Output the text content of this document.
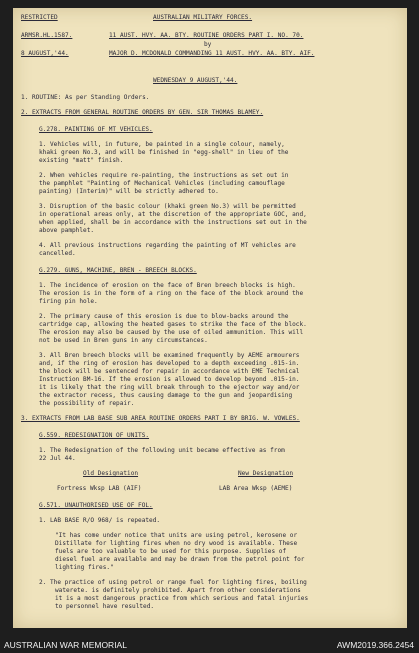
RESTRICTED
ARMSR.HL.1587.
8 AUGUST,'44.
AUSTRALIAN MILITARY FORCES.
11 AUST. HVY. AA. BTY. ROUTINE ORDERS PART I. NO. 70.
by
MAJOR D. MCDONALD COMMANDING 11 AUST. HVY. AA. BTY. AIF.
WEDNESDAY 9 AUGUST,'44.
1. ROUTINE: As per Standing Orders.
2. EXTRACTS FROM GENERAL ROUTINE ORDERS BY GEN. SIR THOMAS BLAMEY.
G.278. PAINTING OF MT VEHICLES.
1. Vehicles will, in future, be painted in a single colour, namely,
khaki green No.3, and will be finished in "egg-shell" in lieu of the
existing "matt" finish.
2. When vehicles require re-painting, the instructions as set out in
the pamphlet "Painting of Mechanical Vehicles (including camouflage
painting) (Interim)" will be strictly adhered to.
3. Disruption of the basic colour (khaki green No.3) will be permitted
in operational areas only, at the discretion of the appropriate GOC, and,
when applied, shall be in accordance with the instructions set out in the
above pamphlet.
4. All previous instructions regarding the painting of MT vehicles are
cancelled.
G.279. GUNS, MACHINE, BREN - BREECH BLOCKS.
1. The incidence of erosion on the face of Bren breech blocks is high.
The erosion is in the form of a ring on the face of the block around the
firing pin hole.
2. The primary cause of this erosion is due to blow-backs around the
cartridge cap, allowing the heated gases to strike the face of the block.
The erosion may also be caused by the use of oiled ammunition. This will
not be used in Bren guns in any circumstances.
3. All Bren breech blocks will be examined frequently by AEME armourers
and, if the ring of erosion has developed to a depth exceeding .015-in.
the block will be sentenced for repair in accordance with EME Technical
Instruction BM-16. If the erosion is allowed to develop beyond .015-in.
it is likely that the ring will break through to the ejector way and/or
the extractor recess, thus causing damage to the gun and jeopardising
the possibility of repair.
3. EXTRACTS FROM LAB BASE SUB AREA ROUTINE ORDERS PART I BY BRIG. W. VOWLES.
G.559. REDESIGNATION OF UNITS.
1. The Redesignation of the following unit became effective as from
22 Jul 44.
Old Designation	New Designation
Fortress Wksp LAB (AIF)	LAB Area Wksp (AEME)
G.571. UNAUTHORISED USE OF FOL.
1. LAB BASE R/O 968/ is repeated.
"It has come under notice that units are using petrol, kerosene or
Distillate for lighting fires when no dry wood is available. These
fuels are too valuable to be used for this purpose. Supplies of
diesel fuel are available and may be drawn from the petrol point for
lighting fires."
2. The practice of using petrol or range fuel for lighting fires, boiling
waterete. is definitely prohibited. Apart from other considerations
it is a most dangerous practice from which serious and fatal injuries
to personnel have resulted.
AUSTRALIAN WAR MEMORIAL	AWM2019.366.2454
